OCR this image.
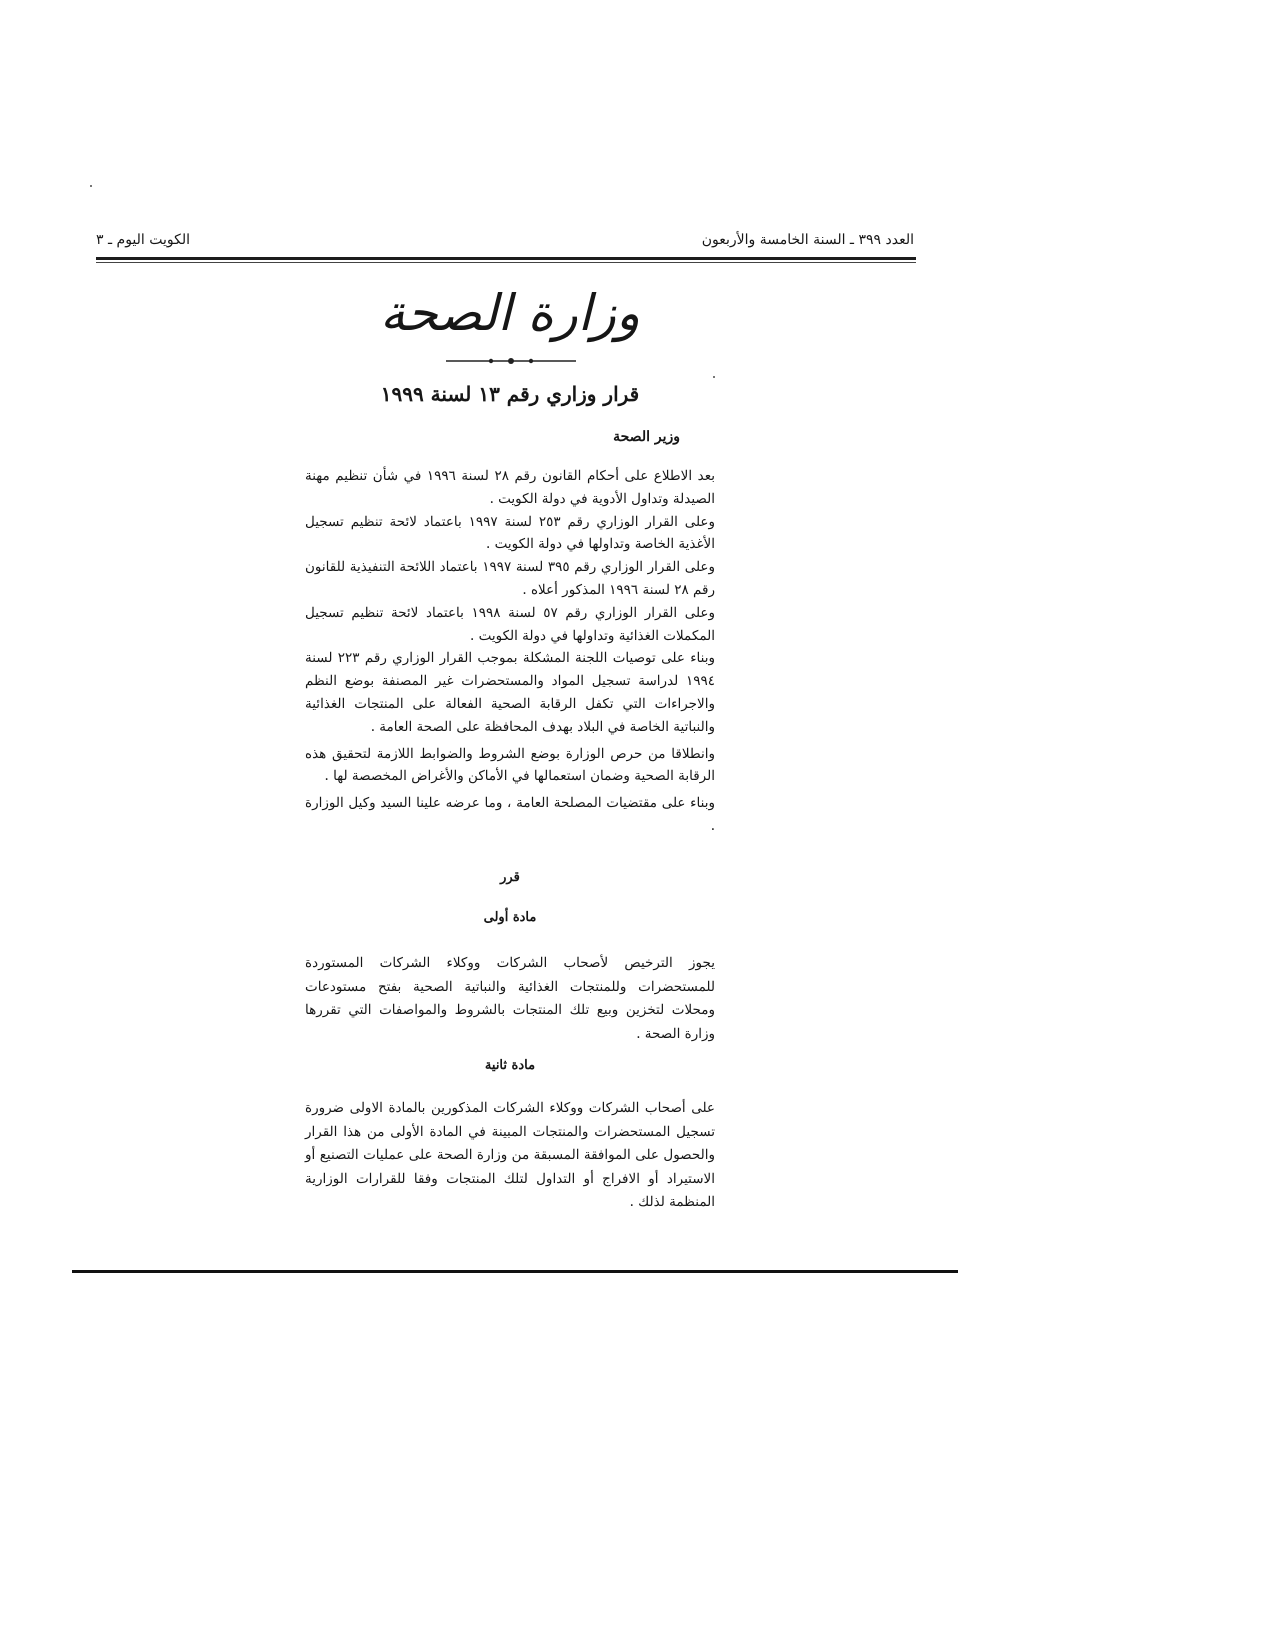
العدد ٣٩٩ ـ السنة الخامسة والأربعون
الكويت اليوم ـ ٣
وزارة الصحة
قرار وزاري رقم ١٣ لسنة ١٩٩٩
وزير الصحة

بعد الاطلاع على أحكام القانون رقم ٢٨ لسنة ١٩٩٦ في شأن تنظيم مهنة الصيدلة وتداول الأدوية في دولة الكويت .

وعلى القرار الوزاري رقم ٢٥٣ لسنة ١٩٩٧ باعتماد لائحة تنظيم تسجيل الأغذية الخاصة وتداولها في دولة الكويت .

وعلى القرار الوزاري رقم ٣٩٥ لسنة ١٩٩٧ باعتماد اللائحة التنفيذية للقانون رقم ٢٨ لسنة ١٩٩٦ المذكور أعلاه .

وعلى القرار الوزاري رقم ٥٧ لسنة ١٩٩٨ باعتماد لائحة تنظيم تسجيل المكملات الغذائية وتداولها في دولة الكويت .

وبناء على توصيات اللجنة المشكلة بموجب القرار الوزاري رقم ٢٢٣ لسنة ١٩٩٤ لدراسة تسجيل المواد والمستحضرات غير المصنفة بوضع النظم والاجراءات التي تكفل الرقابة الصحية الفعالة على المنتجات الغذائية والنباتية الخاصة في البلاد بهدف المحافظة على الصحة العامة .

وانطلاقا من حرص الوزارة بوضع الشروط والضوابط اللازمة لتحقيق هذه الرقابة الصحية وضمان استعمالها في الأماكن والأغراض المخصصة لها .

وبناء على مقتضيات المصلحة العامة ، وما عرضه علينا السيد وكيل الوزارة .

قرر
مادة أولى

يجوز الترخيص لأصحاب الشركات ووكلاء الشركات المستوردة للمستحضرات وللمنتجات الغذائية والنباتية الصحية بفتح مستودعات ومحلات لتخزين وبيع تلك المنتجات بالشروط والمواصفات التي تقررها وزارة الصحة .

مادة ثانية

على أصحاب الشركات ووكلاء الشركات المذكورين بالمادة الاولى ضرورة تسجيل المستحضرات والمنتجات المبينة في المادة الأولى من هذا القرار والحصول على الموافقة المسبقة من وزارة الصحة على عمليات التصنيع أو الاستيراد أو الافراج أو التداول لتلك المنتجات وفقا للقرارات الوزارية المنظمة لذلك .
